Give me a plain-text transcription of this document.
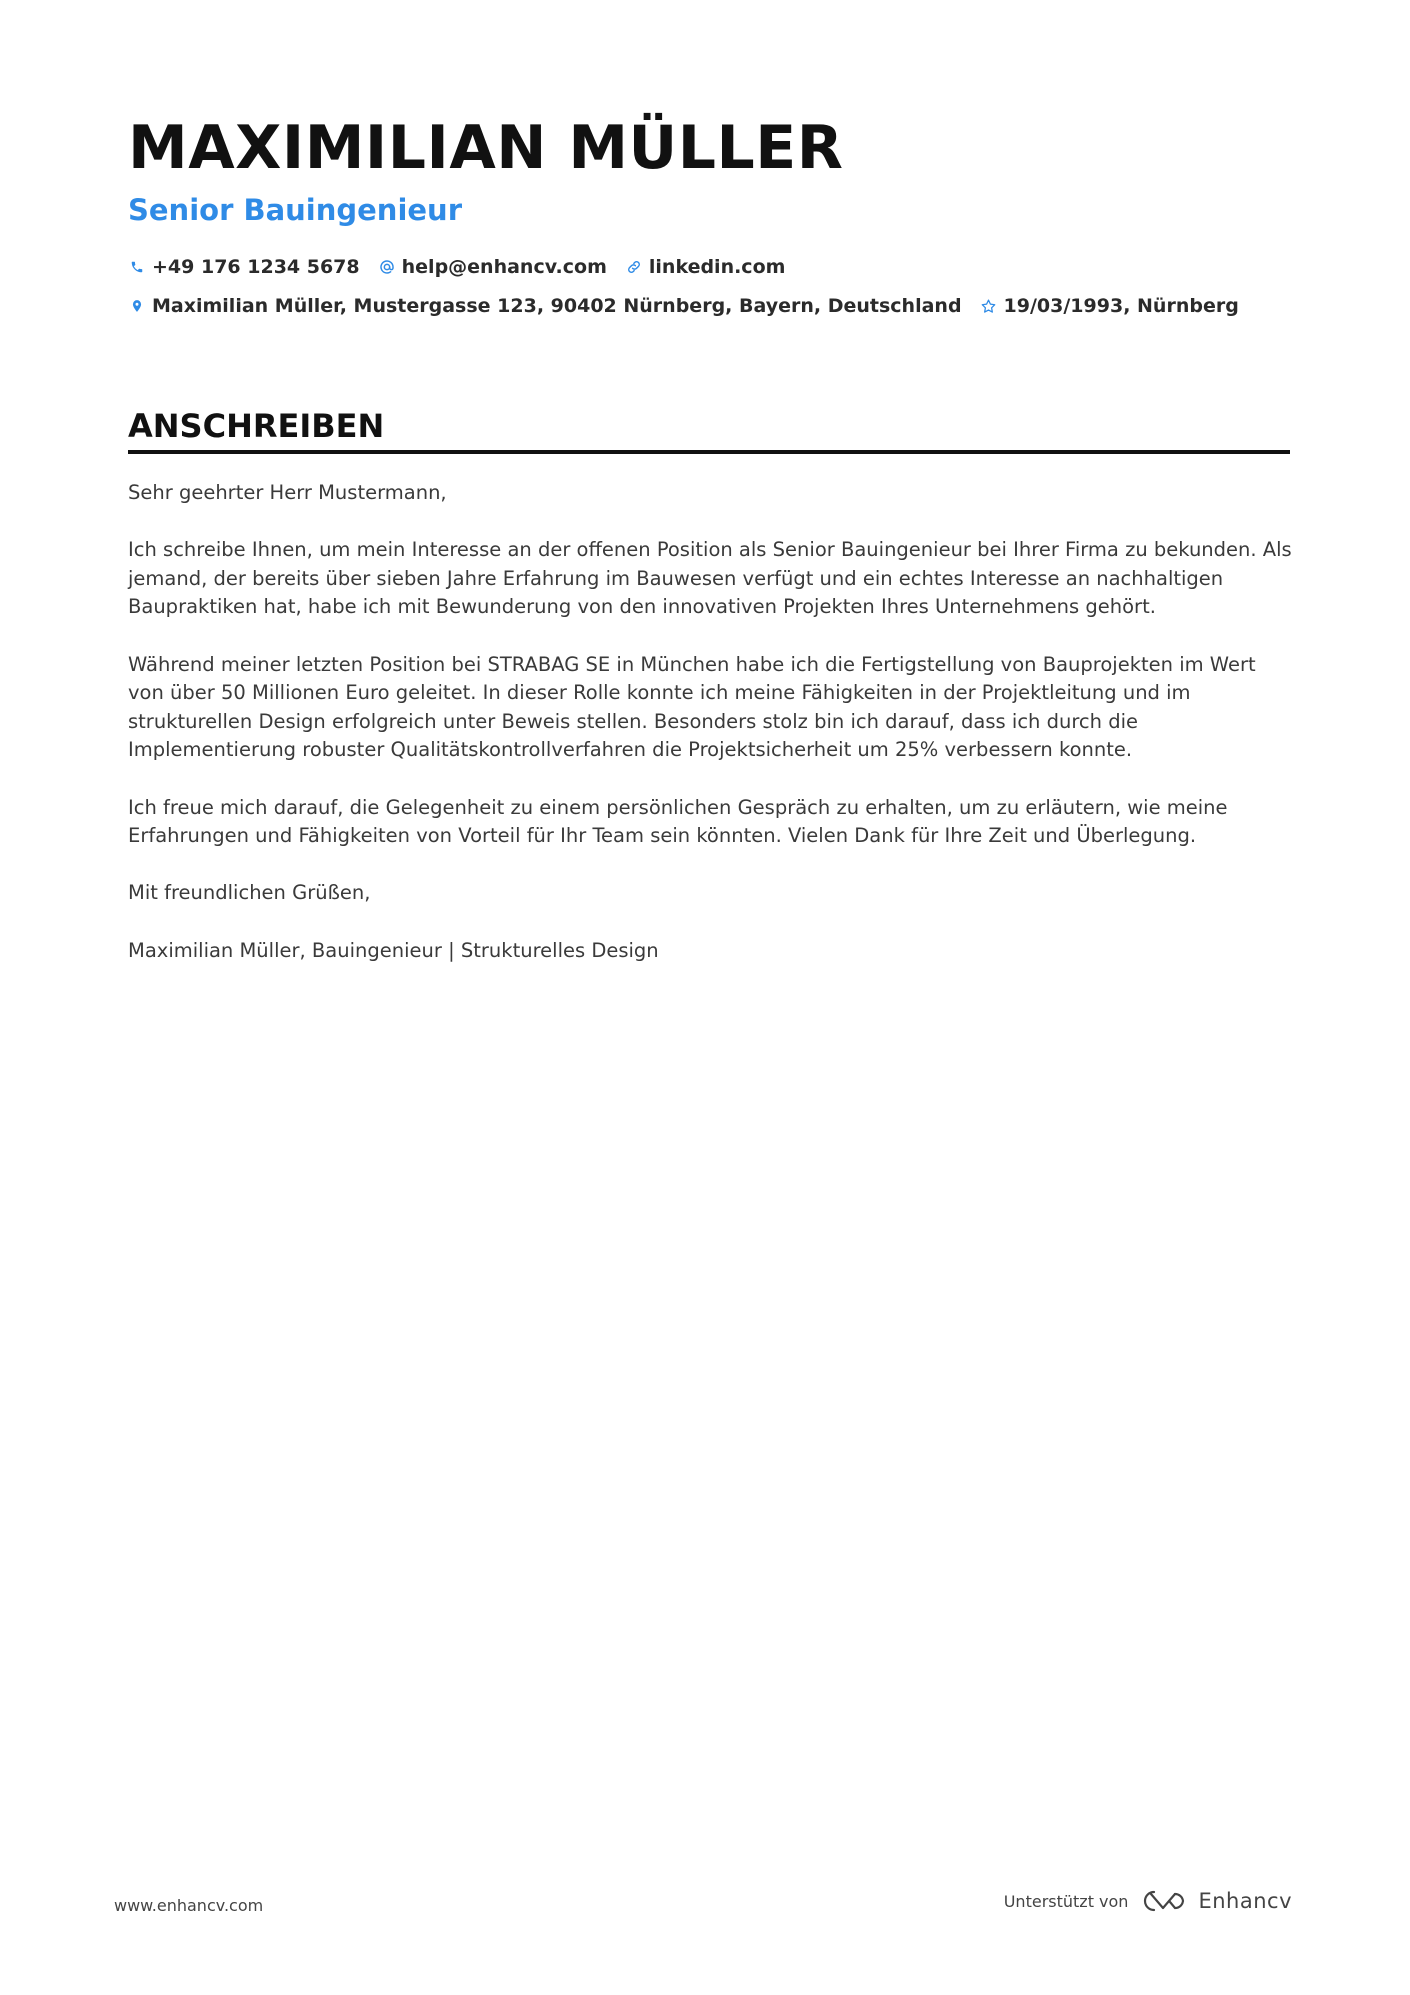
MAXIMILIAN MÜLLER
Senior Bauingenieur
+49 176 1234 5678 help@enhancv.com linkedin.com
Maximilian Müller, Mustergasse 123, 90402 Nürnberg, Bayern, Deutschland 19/03/1993, Nürnberg
ANSCHREIBEN

Sehr geehrter Herr Mustermann,

Ich schreibe Ihnen, um mein Interesse an der offenen Position als Senior Bauingenieur bei Ihrer Firma zu bekunden. Als jemand, der bereits über sieben Jahre Erfahrung im Bauwesen verfügt und ein echtes Interesse an nachhaltigen Baupraktiken hat, habe ich mit Bewunderung von den innovativen Projekten Ihres Unternehmens gehört.

Während meiner letzten Position bei STRABAG SE in München habe ich die Fertigstellung von Bauprojekten im Wert von über 50 Millionen Euro geleitet. In dieser Rolle konnte ich meine Fähigkeiten in der Projektleitung und im strukturellen Design erfolgreich unter Beweis stellen. Besonders stolz bin ich darauf, dass ich durch die Implementierung robuster Qualitätskontrollverfahren die Projektsicherheit um 25% verbessern konnte.

Ich freue mich darauf, die Gelegenheit zu einem persönlichen Gespräch zu erhalten, um zu erläutern, wie meine Erfahrungen und Fähigkeiten von Vorteil für Ihr Team sein könnten. Vielen Dank für Ihre Zeit und Überlegung.

Mit freundlichen Grüßen,

Maximilian Müller, Bauingenieur | Strukturelles Design

www.enhancv.com	Unterstützt von	Enhancv
